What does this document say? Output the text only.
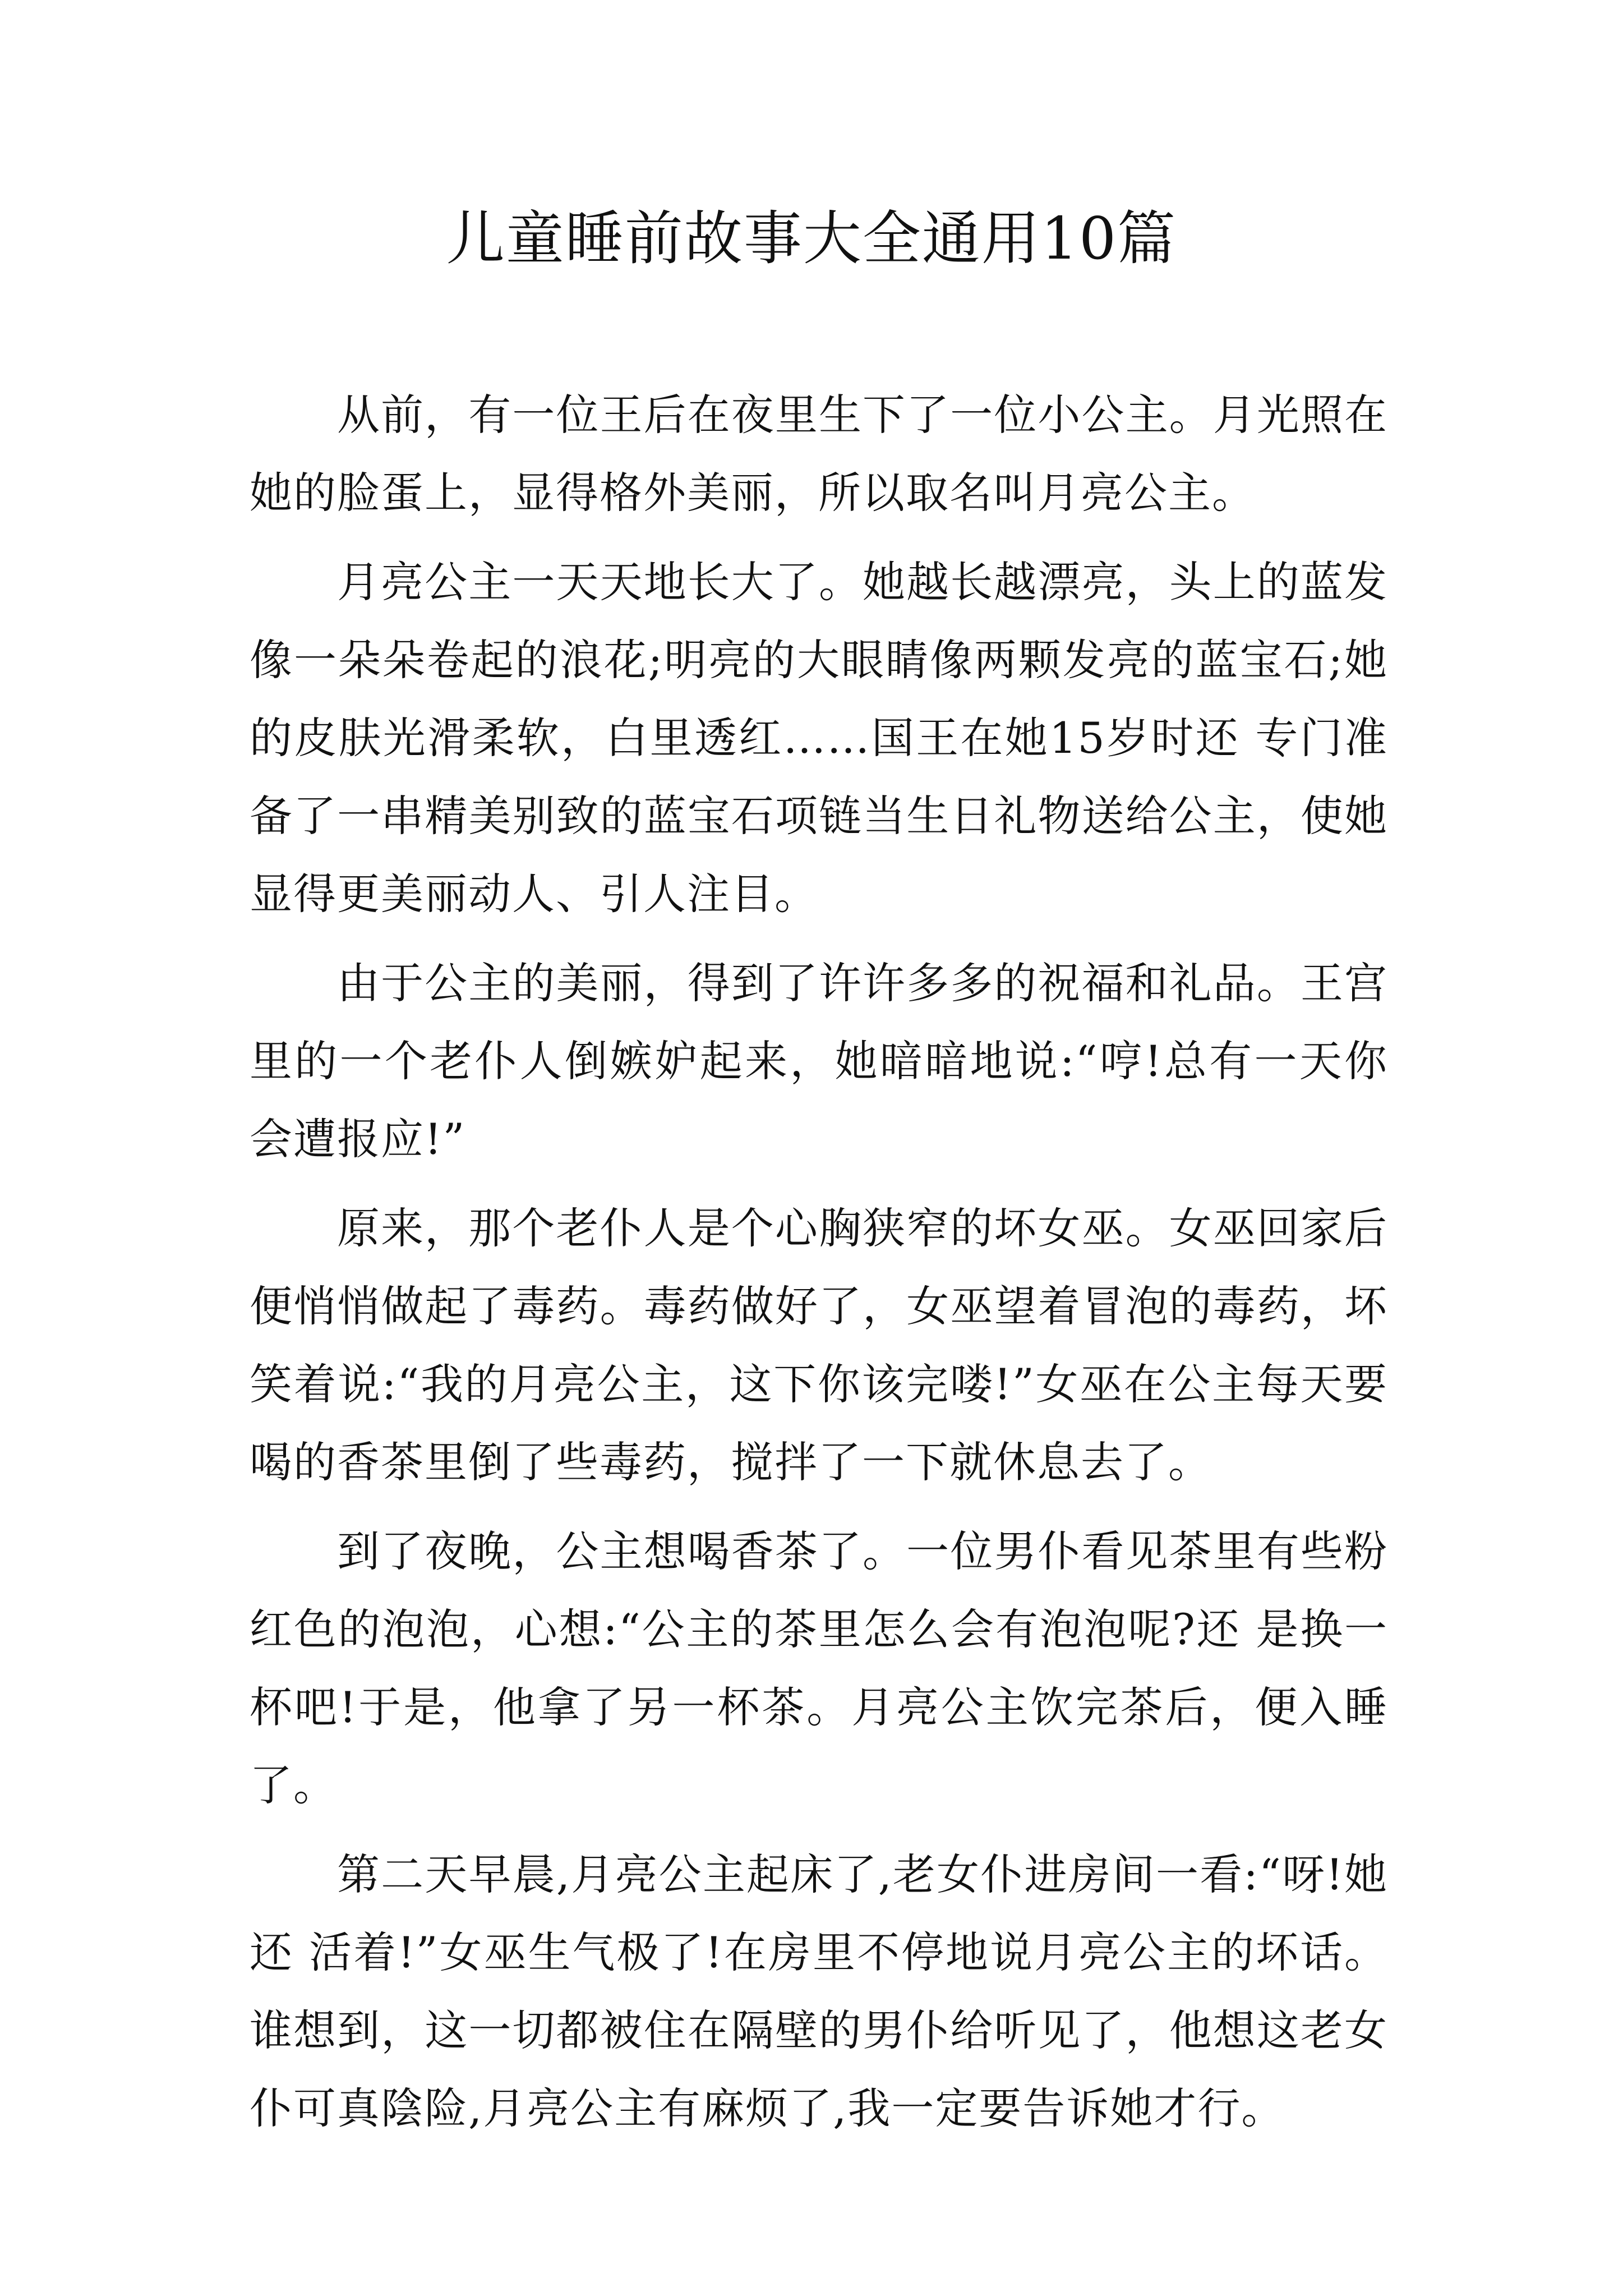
儿童睡前故事大全通用10篇

从前，有一位王后在夜里生下了一位小公主。月光照在她的脸蛋上，显得格外美丽，所以取名叫月亮公主。

月亮公主一天天地长大了。她越长越漂亮，头上的蓝发像一朵朵卷起的浪花;明亮的大眼睛像两颗发亮的蓝宝石;她的皮肤光滑柔软，白里透红……国王在她15岁时还 专门准备了一串精美别致的蓝宝石项链当生日礼物送给公主，使她显得更美丽动人、引人注目。

由于公主的美丽，得到了许许多多的祝福和礼品。王宫里的一个老仆人倒嫉妒起来，她暗暗地说:“哼!总有一天你会遭报应!”

原来，那个老仆人是个心胸狭窄的坏女巫。女巫回家后便悄悄做起了毒药。毒药做好了，女巫望着冒泡的毒药，坏笑着说:“我的月亮公主，这下你该完喽!”女巫在公主每天要喝的香茶里倒了些毒药，搅拌了一下就休息去了。

到了夜晚，公主想喝香茶了。一位男仆看见茶里有些粉红色的泡泡，心想:“公主的茶里怎么会有泡泡呢?还 是换一杯吧!于是，他拿了另一杯茶。月亮公主饮完茶后，便入睡了。

第二天早晨,月亮公主起床了,老女仆进房间一看:“呀!她还 活着!”女巫生气极了!在房里不停地说月亮公主的坏话。谁想到，这一切都被住在隔壁的男仆给听见了，他想这老女仆可真陰险,月亮公主有麻烦了,我一定要告诉她才行。
